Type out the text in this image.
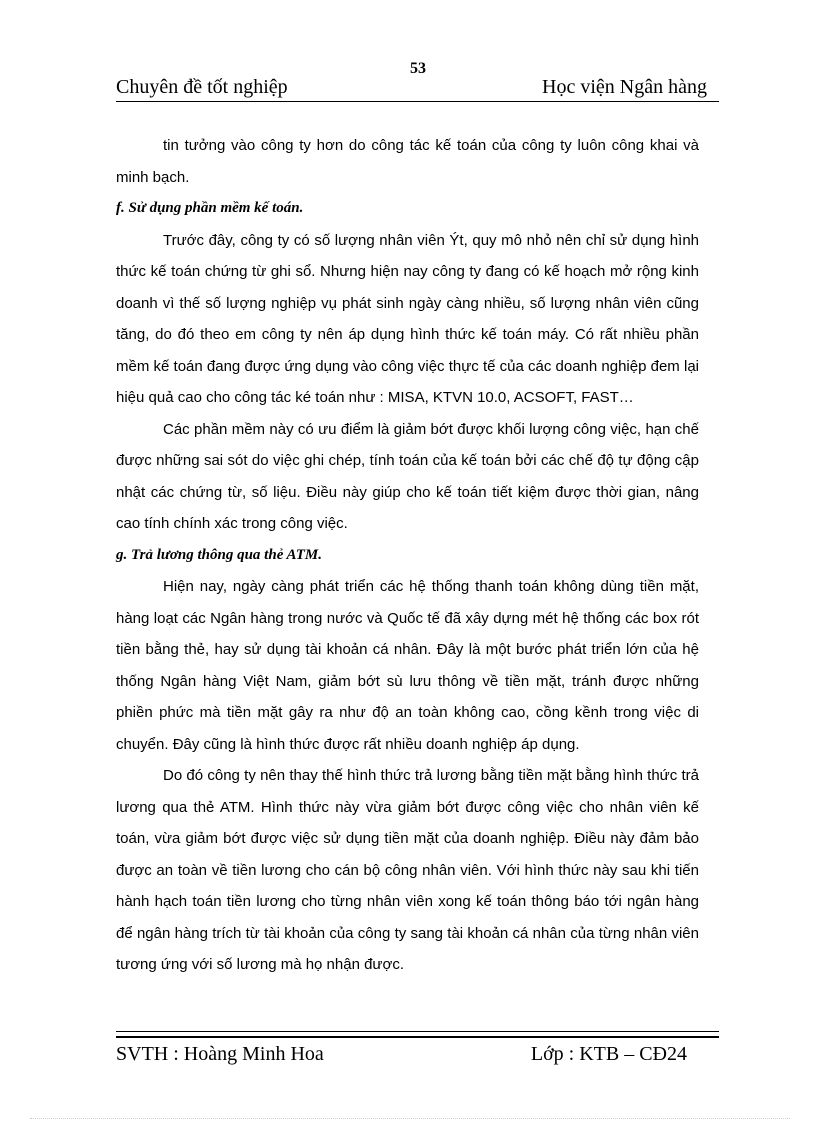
53
Chuyên đề tốt nghiệp	Học viện Ngân hàng

tin tưởng vào công ty hơn do công tác kế toán của công ty luôn công khai và minh bạch.

f. Sử dụng phần mềm kế toán.

Trước đây, công ty có số lượng nhân viên Ýt, quy mô nhỏ nên chỉ sử dụng hình thức kế toán chứng từ ghi sổ. Nhưng hiện nay công ty đang có kế hoạch mở rộng kinh doanh vì thế số lượng nghiệp vụ phát sinh ngày càng nhiều, số lượng nhân viên cũng tăng, do đó theo em công ty nên áp dụng hình thức kế toán máy. Có rất nhiều phần mềm kế toán đang được ứng dụng vào công việc thực tế của các doanh nghiệp đem lại hiệu quả cao cho công tác ké toán như : MISA, KTVN 10.0, ACSOFT, FAST…

Các phần mềm này có ưu điểm là giảm bớt được khối lượng công việc, hạn chế được những sai sót do việc ghi chép, tính toán của kế toán bởi các chế độ tự động cập nhật các chứng từ, số liệu. Điều này giúp cho kế toán tiết kiệm được thời gian, nâng cao tính chính xác trong công việc.

g. Trả lương thông qua thẻ ATM.

Hiện nay, ngày càng phát triển các hệ thống thanh toán không dùng tiền mặt, hàng loạt các Ngân hàng trong nước và Quốc tế đã xây dựng mét hệ thống các box rót tiền bằng thẻ, hay sử dụng tài khoản cá nhân. Đây là một bước phát triển lớn của hệ thống Ngân hàng Việt Nam, giảm bớt sù lưu thông về tiền mặt, tránh được những phiền phức mà tiền mặt gây ra như độ an toàn không cao, cồng kềnh trong việc di chuyển. Đây cũng là hình thức được rất nhiều doanh nghiệp áp dụng.

Do đó công ty nên thay thế hình thức trả lương bằng tiền mặt bằng hình thức trả lương qua thẻ ATM. Hình thức này vừa giảm bớt được công việc cho nhân viên kế toán, vừa giảm bớt được việc sử dụng tiền mặt của doanh nghiệp. Điều này đảm bảo được an toàn về tiền lương cho cán bộ công nhân viên. Với hình thức này sau khi tiến hành hạch toán tiền lương cho từng nhân viên xong kế toán thông báo tới ngân hàng để ngân hàng trích từ tài khoản của công ty sang tài khoản cá nhân của từng nhân viên tương ứng với số lương mà họ nhận được.

SVTH : Hoàng Minh Hoa	Lớp : KTB – CĐ24
